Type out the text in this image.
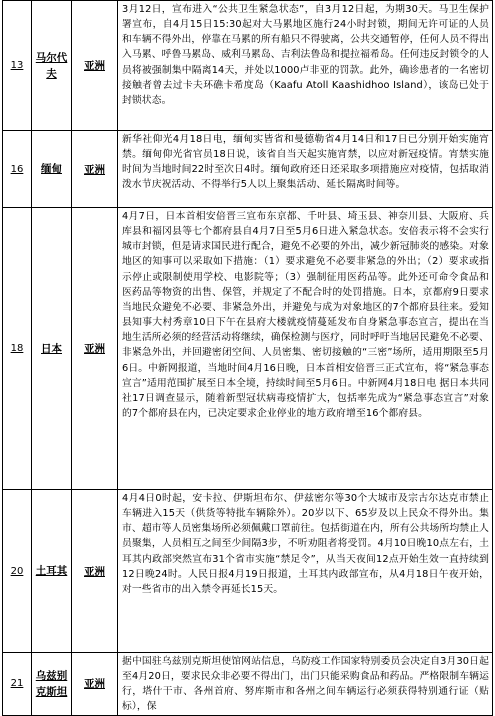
13	马尔代夫	亚洲	3月12日，宣布进入“公共卫生紧急状态”，自3月12日起，为期30天。马卫生保护署宣布，自4月15日15:30起对大马累地区施行24小时封锁，期间无许可证的人员和车辆不得外出，停靠在马累的所有船只不得驶离，公共交通暂停，任何人员不得出入马累、呼鲁马累岛、威利马累岛、吉利法鲁岛和提拉福希岛。任何违反封锁令的人员将被强制集中隔离14天，并处以1000卢非亚的罚款。此外，确诊患者的一名密切接触者曾去过卡夫环礁卡希度岛（Kaafu Atoll Kaashidhoo Island），该岛已处于封锁状态。
16	缅甸	亚洲	新华社仰光4月18日电，缅甸实皆省和曼德勒省4月14日和17日已分别开始实施宵禁。缅甸仰光省官员18日说，该省自当天起实施宵禁，以应对新冠疫情。宵禁实施时间为当地时间22时至次日4时。缅甸政府还日还采取多项措施应对疫情，包括取消泼水节庆祝活动、不得举行5人以上聚集活动、延长隔离时间等。
18	日本	亚洲	4月7日，日本首相安倍晋三宣布东京都、千叶县、埼玉县、神奈川县、大阪府、兵库县和福冈县等七个都府县自4月7日至5月6日进入紧急状态。安倍表示将不会实行城市封锁，但是请求国民进行配合，避免不必要的外出，减少新冠肺炎的感染。对象地区的知事可以采取如下措施：（1）要求避免不必要非紧急的外出；（2）要求或指示停止或限制使用学校、电影院等；（3）强制征用医药品等。此外还可命令食品和医药品等物资的出售、保管，并规定了不配合时的处罚措施。日本，京都府9日要求当地民众避免不必要、非紧急外出，并避免与成为对象地区的7个都府县往来。爱知县知事大村秀章10日下午在县府大楼就疫情蔓延发布自身紧急事态宣言，提出在当地生活所必须的经营活动将继续，确保检测与医疗，同时呼吁当地居民避免不必要、非紧急外出，并回避密闭空间、人员密集、密切接触的“三密”场所，适用期限至5月6日。中新网报道，当地时间4月16日晚，日本首相安倍晋三正式宣布，将“紧急事态宣言”适用范围扩展至日本全境，持续时间至5月6日。中新网4月18日电 据日本共同社17日调查显示，随着新型冠状病毒疫情扩大，包括率先成为“紧急事态宣言”对象的7个都府县在内，已决定要求企业停业的地方政府增至16个都府县。
20	土耳其	亚洲	4月4日0时起，安卡拉、伊斯坦布尔、伊兹密尔等30个大城市及宗古尔达克市禁止车辆进入15天（供货等特批车辆除外）。20岁以下、65岁及以上民众不得外出。集市、超市等人员密集场所必须佩戴口罩前往。包括街道在内，所有公共场所均禁止人员聚集，人员相互之间至少间隔3步，不听劝阻者将受罚。4月10日晚10点左右，土耳其内政部突然宣布31个省市实施“禁足令”，从当天夜间12点开始生效一直持续到12日晚24时。人民日报4月19日报道，土耳其内政部宣布，从4月18日午夜开始，对一些省市的出入禁令再延长15天。
21	乌兹别克斯坦	亚洲	据中国驻乌兹别克斯坦使馆网站信息，乌防疫工作国家特别委员会决定自3月30日起至4月20日，要求民众非必要不得出门，出门只能采购食品和药品。严格限制车辆运行，塔什干市、各州首府、努库斯市和各州之间车辆运行必须获得特别通行证（贴标），保
